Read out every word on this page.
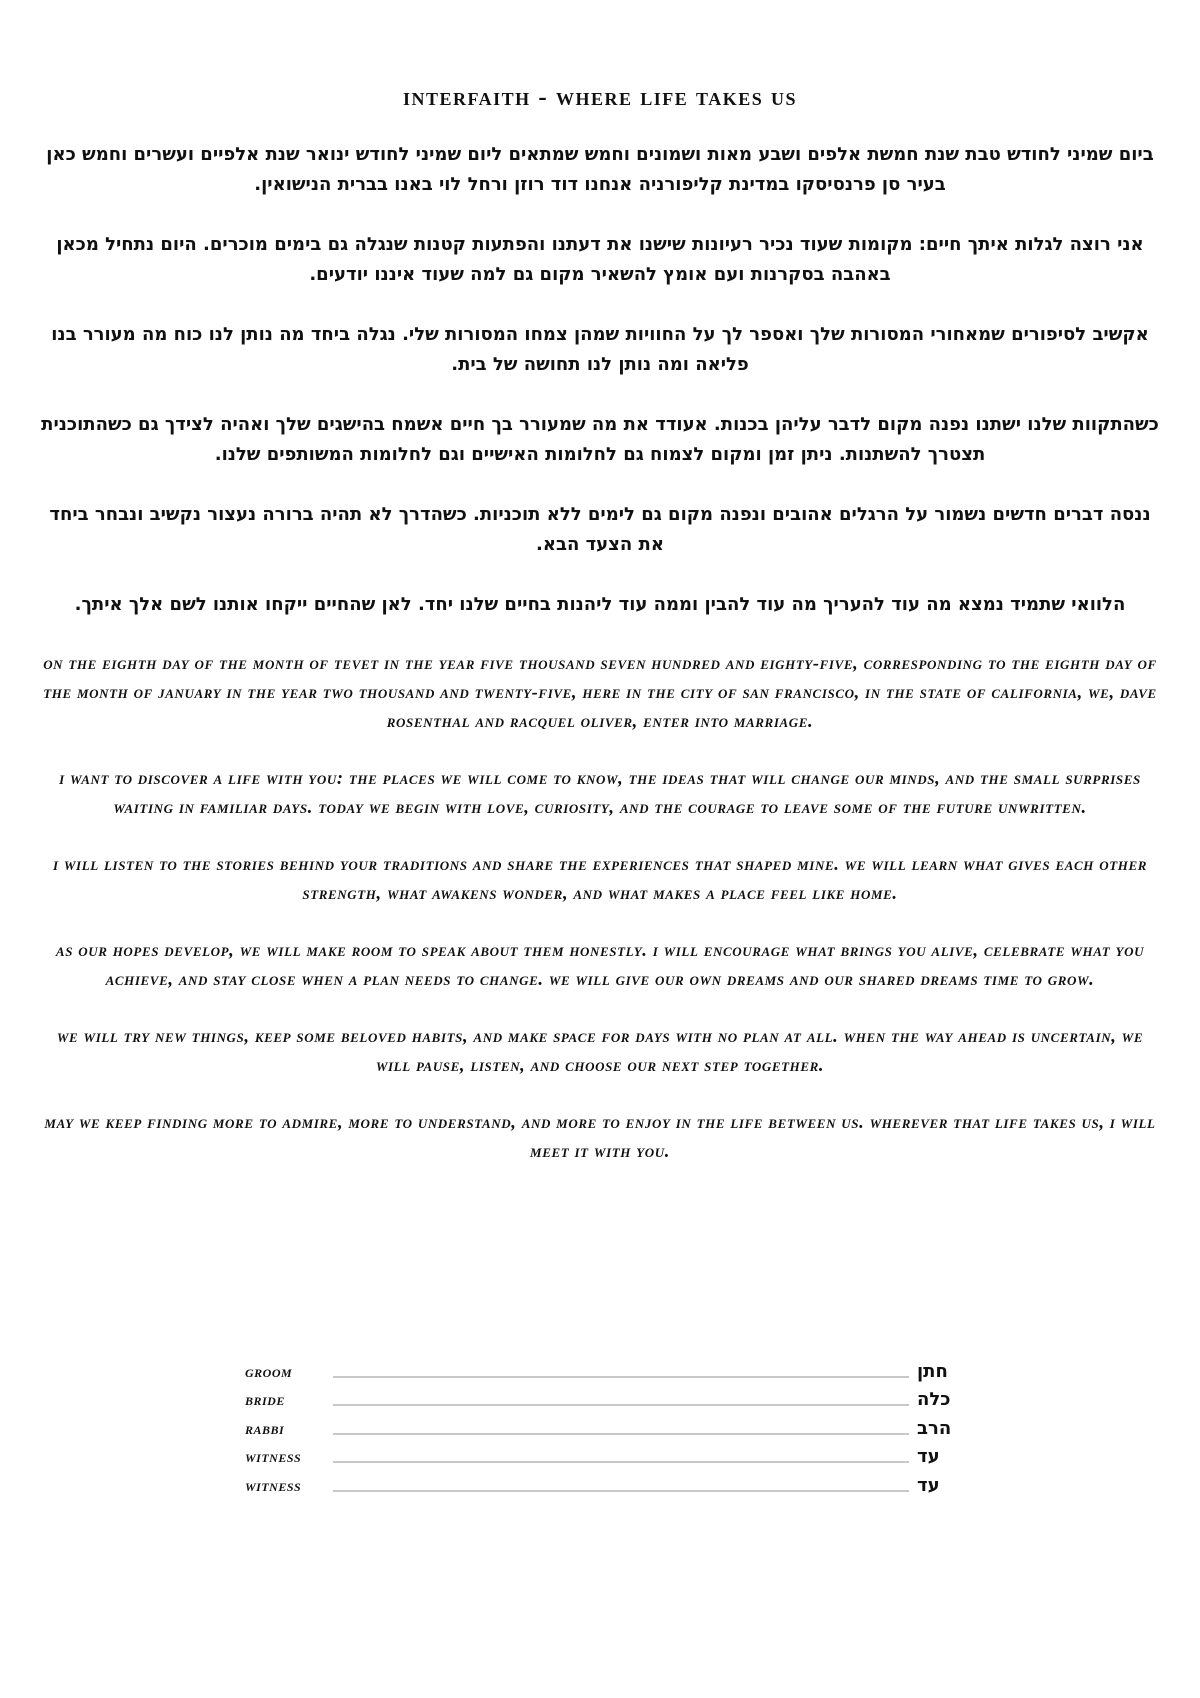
interfaith - where life takes us

ביום שמיני לחודש טבת שנת חמשת אלפים ושבע מאות ושמונים וחמש שמתאים ליום שמיני לחודש ינואר שנת אלפיים ועשרים וחמש כאן בעיר סן פרנסיסקו במדינת קליפורניה אנחנו דוד רוזן ורחל לוי באנו בברית הנישואין.

אני רוצה לגלות איתך חיים: מקומות שעוד נכיר רעיונות שישנו את דעתנו והפתעות קטנות שנגלה גם בימים מוכרים. היום נתחיל מכאן באהבה בסקרנות ועם אומץ להשאיר מקום גם למה שעוד איננו יודעים.

אקשיב לסיפורים שמאחורי המסורות שלך ואספר לך על החוויות שמהן צמחו המסורות שלי. נגלה ביחד מה נותן לנו כוח מה מעורר בנו פליאה ומה נותן לנו תחושה של בית.

כשהתקוות שלנו ישתנו נפנה מקום לדבר עליהן בכנות. אעודד את מה שמעורר בך חיים אשמח בהישגים שלך ואהיה לצידך גם כשהתוכנית תצטרך להשתנות. ניתן זמן ומקום לצמוח גם לחלומות האישיים וגם לחלומות המשותפים שלנו.

ננסה דברים חדשים נשמור על הרגלים אהובים ונפנה מקום גם לימים ללא תוכניות. כשהדרך לא תהיה ברורה נעצור נקשיב ונבחר ביחד את הצעד הבא.

הלוואי שתמיד נמצא מה עוד להעריך מה עוד להבין וממה עוד ליהנות בחיים שלנו יחד. לאן שהחיים ייקחו אותנו לשם אלך איתך.

on the eighth day of the month of tevet in the year five thousand seven hundred and eighty-five, corresponding to the eighth day of the month of january in the year two thousand and twenty-five, here in the city of san francisco, in the state of california, we, dave rosenthal and racquel oliver, enter into marriage.

i want to discover a life with you: the places we will come to know, the ideas that will change our minds, and the small surprises waiting in familiar days. today we begin with love, curiosity, and the courage to leave some of the future unwritten.

i will listen to the stories behind your traditions and share the experiences that shaped mine. we will learn what gives each other strength, what awakens wonder, and what makes a place feel like home.

as our hopes develop, we will make room to speak about them honestly. i will encourage what brings you alive, celebrate what you achieve, and stay close when a plan needs to change. we will give our own dreams and our shared dreams time to grow.

we will try new things, keep some beloved habits, and make space for days with no plan at all. when the way ahead is uncertain, we will pause, listen, and choose our next step together.

may we keep finding more to admire, more to understand, and more to enjoy in the life between us. wherever that life takes us, i will meet it with you.

groom	חתן
bride	כלה
rabbi	הרב
witness	עד
witness	עד
